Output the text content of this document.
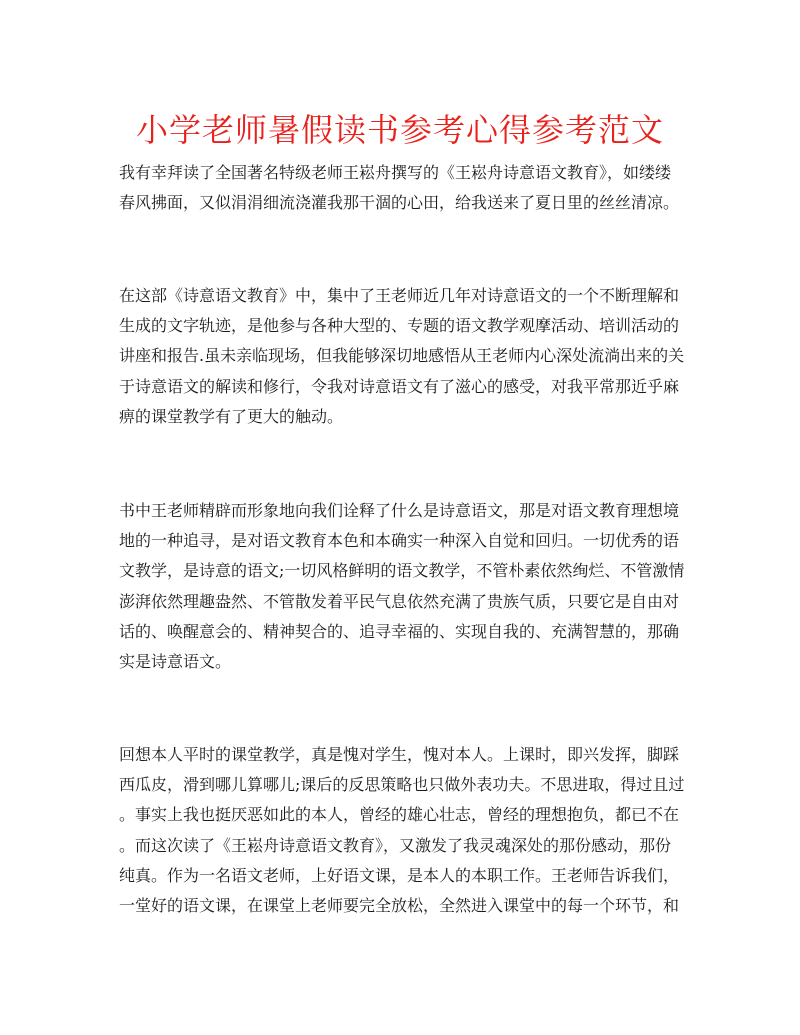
小学老师暑假读书参考心得参考范文
我有幸拜读了全国著名特级老师王崧舟撰写的《王崧舟诗意语文教育》，如缕缕
春风拂面，又似涓涓细流浇灌我那干涸的心田，给我送来了夏日里的丝丝清凉。
在这部《诗意语文教育》中，集中了王老师近几年对诗意语文的一个不断理解和
生成的文字轨迹，是他参与各种大型的、专题的语文教学观摩活动、培训活动的
讲座和报告.虽未亲临现场，但我能够深切地感悟从王老师内心深处流淌出来的关
于诗意语文的解读和修行，令我对诗意语文有了滋心的感受，对我平常那近乎麻
痹的课堂教学有了更大的触动。
书中王老师精辟而形象地向我们诠释了什么是诗意语文，那是对语文教育理想境
地的一种追寻，是对语文教育本色和本确实一种深入自觉和回归。一切优秀的语
文教学，是诗意的语文;一切风格鲜明的语文教学，不管朴素依然绚烂、不管激情
澎湃依然理趣盎然、不管散发着平民气息依然充满了贵族气质，只要它是自由对
话的、唤醒意会的、精神契合的、追寻幸福的、实现自我的、充满智慧的，那确
实是诗意语文。
回想本人平时的课堂教学，真是愧对学生，愧对本人。上课时，即兴发挥，脚踩
西瓜皮，滑到哪儿算哪儿;课后的反思策略也只做外表功夫。不思进取，得过且过
。事实上我也挺厌恶如此的本人，曾经的雄心壮志，曾经的理想抱负，都已不在
。而这次读了《王崧舟诗意语文教育》，又激发了我灵魂深处的那份感动，那份
纯真。作为一名语文老师，上好语文课，是本人的本职工作。王老师告诉我们，
一堂好的语文课，在课堂上老师要完全放松，全然进入课堂中的每一个环节，和
